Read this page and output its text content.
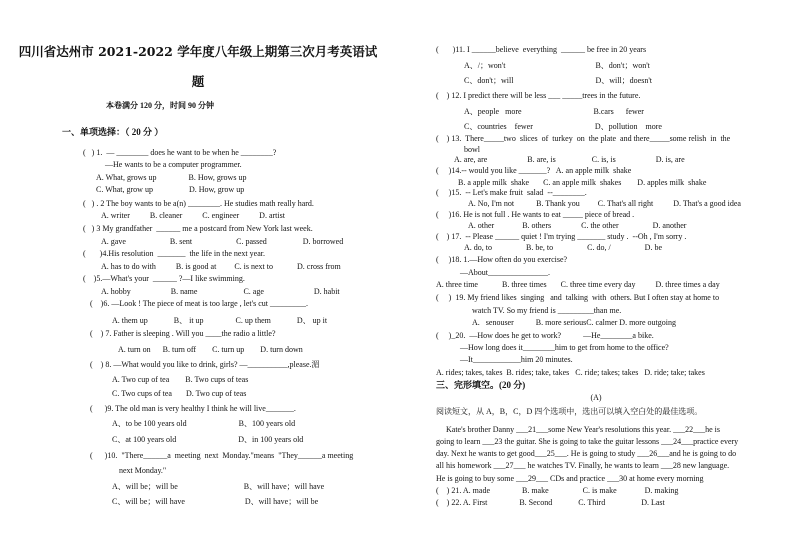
四川省达州市 2021-2022 学年度八年级上期第三次月考英语试
题
本卷满分 120 分，时间 90 分钟
一、单项选择：（ 20 分 ）
(   ) 1.  — ________ does he want to be when he ________?
—He wants to be a computer programmer.
A. What, grows up                B. How, grows up
C. What, grow up                  D. How, grow up
(   ) . 2 The boy wants to be a(n) ________. He studies math really hard.
A. writer          B. cleaner          C. engineer          D. artist
(   ) 3 My grandfather  ______ me a postcard from New York last week.
A. gave                      B. sent                      C. passed                  D. borrowed
(       )4.His resolution  _______  the life in the next year.
A. has to do with          B. is good at         C. is next to            D. cross from
(    )5.—What's your  ______ ?—I like swimming.
A. hobby                    B. name                       C. age                         D. habit
(    )6. —Look ! The piece of meat is too large , let's cut _________.
A. them up             B、 it up                C. up them             D、 up it
(    ) 7. Father is sleeping . Will you ____the radio a little?
A. turn on      B. turn off        C. turn up        D. turn down
(    ) 8. —What would you like to drink, girls? —__________,please.湄
A. Two cup of tea        B. Two cups of teas
C. Two cups of tea       D. Two cup of teas
(      )9. The old man is very healthy I think he will live_______.
A、to be 100 years old                          B、100 years old
C、at 100 years old                               D、in 100 years old
(      )10.  "There______a  meeting  next  Monday."means  "They______a meeting
next Monday."
A、will be；will be                                 B、will have；will have
C、will be；will have                              D、will have；will be
(       )11. I ______believe  everything  ______ be free in 20 years
A、/；won't                                             B、don't；won't
C、don't；will                                         D、will；doesn't
(    ) 12. I predict there will be less ___ _____trees in the future.
A、people   more                                    B.cars      fewer
C、countries    fewer                               D、pollution    more
(    ) 13.  There_____two  slices  of  turkey  on  the plate  and there_____some relish  in  the
bowl
A. are, are                    B. are, is                  C. is, is                    D. is, are
(     )14.-- would you like _______?   A. an apple milk  shake
B. a apple milk  shake       C. an apple milk  shakes        D. apples milk  shake
(     )15.  -- Let's make fruit  salad  --________.
A. No, I'm not           B. Thank you         C. That's all right          D. That's a good idea
(     )16. He is not full . He wants to eat _____ piece of bread .
A. other              B. others               C. the other                 D. another
(    ) 17.  -- Please ______ quiet ! I'm trying _______ study .  --Oh , I'm sorry .
A. do, to                 B. be, to                 C. do, /                 D. be
(     )18. 1.—How often do you exercise?
—About_______________.
A. three time            B. three times       C. three time every day          D. three times a day
(     )  19. My friend likes  singing   and  talking  with  others. But I often stay at home to
watch TV. So my friend is _________than me.
A.   senouser           B. more seriousC. calmer D. more outgoing
(     )_20.  —How does he get to work?           —He________a bike.
—How long does it________him to get from home to the office?
—It____________him 20 minutes.
A. rides; takes, takes  B. rides; take, takes   C. ride; takes; takes   D. ride; take; takes
三、完形填空。(20 分)
(A)
阅读短文，从 A，B，C，D 四个选项中，选出可以填入空白处的最佳选项。
Kate's brother Danny ___21___some New Year's resolutions this year. ___22___he is
going to learn ___23 the guitar. She is going to take the guitar lessons ___24___practice every
day. Next he wants to get good___25___. He is going to study ___26___and he is going to do
all his homework ___27___ he watches TV. Finally, he wants to learn ___28 new language.
He is going to buy some ___29___ CDs and practice ___30 at home every morning
(    ) 21. A. made                B. make                 C. is make              D. making
(    ) 22. A. First                B. Second             C. Third                  D. Last
